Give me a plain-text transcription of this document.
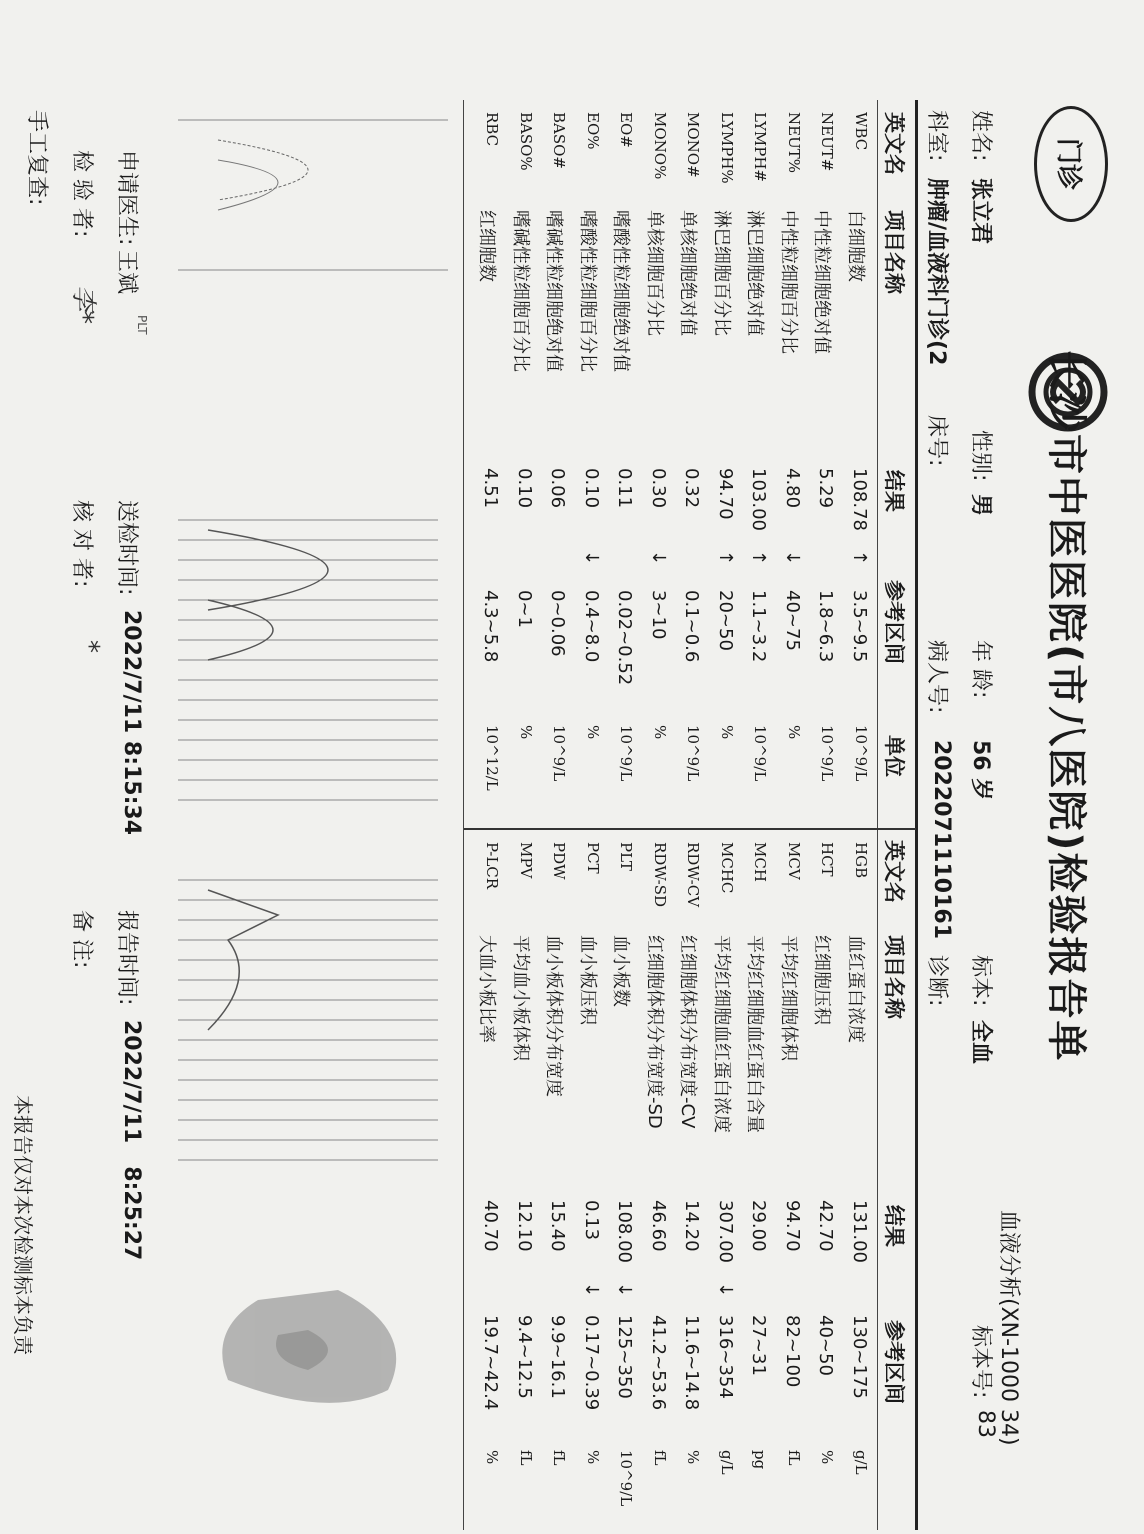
门诊
长沙市中医医院(市八医院)检验报告单
血液分析(XN-1000 34)
姓名:
张立君
性别:
男
年 龄:
56 岁
标本:
全血
标本号:
83
科室:
肿瘤/血液科门诊(2
床号:
病人号:
2022071110161
诊断:
英文名
项目名称
结果
参考区间
单位
英文名
项目名称
结果
参考区间
WBC
白细胞数
108.78
↑
3.5~9.5
10^9/L
NEUT#
中性粒细胞绝对值
5.29
1.8~6.3
10^9/L
NEUT%
中性粒细胞百分比
4.80
↓
40~75
%
LYMPH#
淋巴细胞绝对值
103.00
↑
1.1~3.2
10^9/L
LYMPH%
淋巴细胞百分比
94.70
↑
20~50
%
MONO#
单核细胞绝对值
0.32
0.1~0.6
10^9/L
MONO%
单核细胞百分比
0.30
↓
3~10
%
EO#
嗜酸性粒细胞绝对值
0.11
0.02~0.52
10^9/L
EO%
嗜酸性粒细胞百分比
0.10
↓
0.4~8.0
%
BASO#
嗜碱性粒细胞绝对值
0.06
0~0.06
10^9/L
BASO%
嗜碱性粒细胞百分比
0.10
0~1
%
RBC
红细胞数
4.51
4.3~5.8
10^12/L
HGB
血红蛋白浓度
131.00
130~175
g/L
HCT
红细胞压积
42.70
40~50
%
MCV
平均红细胞体积
94.70
82~100
fL
MCH
平均红细胞血红蛋白含量
29.00
27~31
pg
MCHC
平均红细胞血红蛋白浓度
307.00
↓
316~354
g/L
RDW-CV
红细胞体积分布宽度-CV
14.20
11.6~14.8
%
RDW-SD
红细胞体积分布宽度-SD
46.60
41.2~53.6
fL
PLT
血小板数
108.00
↓
125~350
10^9/L
PCT
血小板压积
0.13
↓
0.17~0.39
%
PDW
血小板体积分布宽度
15.40
9.9~16.1
fL
MPV
平均血小板体积
12.10
9.4~12.5
fL
P-LCR
大血小板比率
40.70
19.7~42.4
%
申请医生:
王斌
PLT
送检时间:
2022/7/11 8:15:34
报告时间:
2022/7/11   8:25:27
检 验 者:
李*
核 对 者:
*
备 注:
手工复查:
本报告仅对本次检测标本负责
